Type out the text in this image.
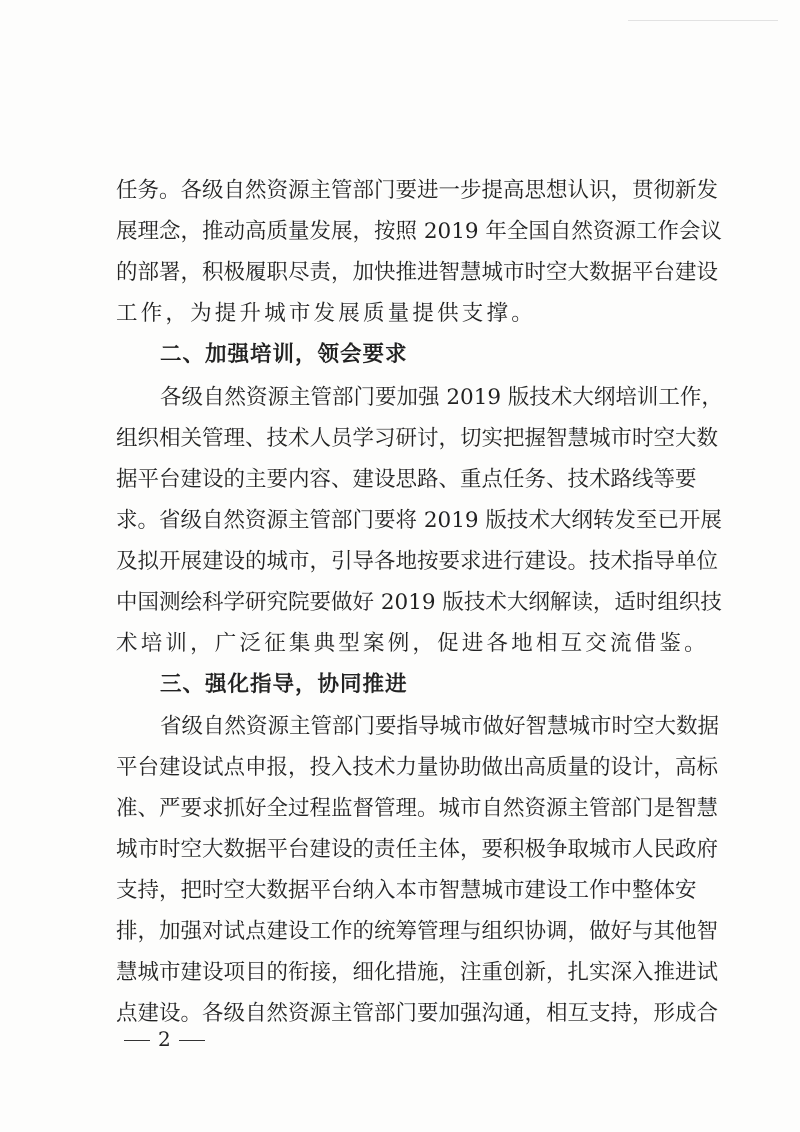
任务。各级自然资源主管部门要进一步提高思想认识，贯彻新发
展理念，推动高质量发展，按照 2019 年全国自然资源工作会议
的部署，积极履职尽责，加快推进智慧城市时空大数据平台建设
工作，为提升城市发展质量提供支撑。
二、加强培训，领会要求
各级自然资源主管部门要加强 2019 版技术大纲培训工作，
组织相关管理、技术人员学习研讨，切实把握智慧城市时空大数
据平台建设的主要内容、建设思路、重点任务、技术路线等要
求。省级自然资源主管部门要将 2019 版技术大纲转发至已开展
及拟开展建设的城市，引导各地按要求进行建设。技术指导单位
中国测绘科学研究院要做好 2019 版技术大纲解读，适时组织技
术培训，广泛征集典型案例，促进各地相互交流借鉴。
三、强化指导，协同推进
省级自然资源主管部门要指导城市做好智慧城市时空大数据
平台建设试点申报，投入技术力量协助做出高质量的设计，高标
准、严要求抓好全过程监督管理。城市自然资源主管部门是智慧
城市时空大数据平台建设的责任主体，要积极争取城市人民政府
支持，把时空大数据平台纳入本市智慧城市建设工作中整体安
排，加强对试点建设工作的统筹管理与组织协调，做好与其他智
慧城市建设项目的衔接，细化措施，注重创新，扎实深入推进试
点建设。各级自然资源主管部门要加强沟通，相互支持，形成合
2
